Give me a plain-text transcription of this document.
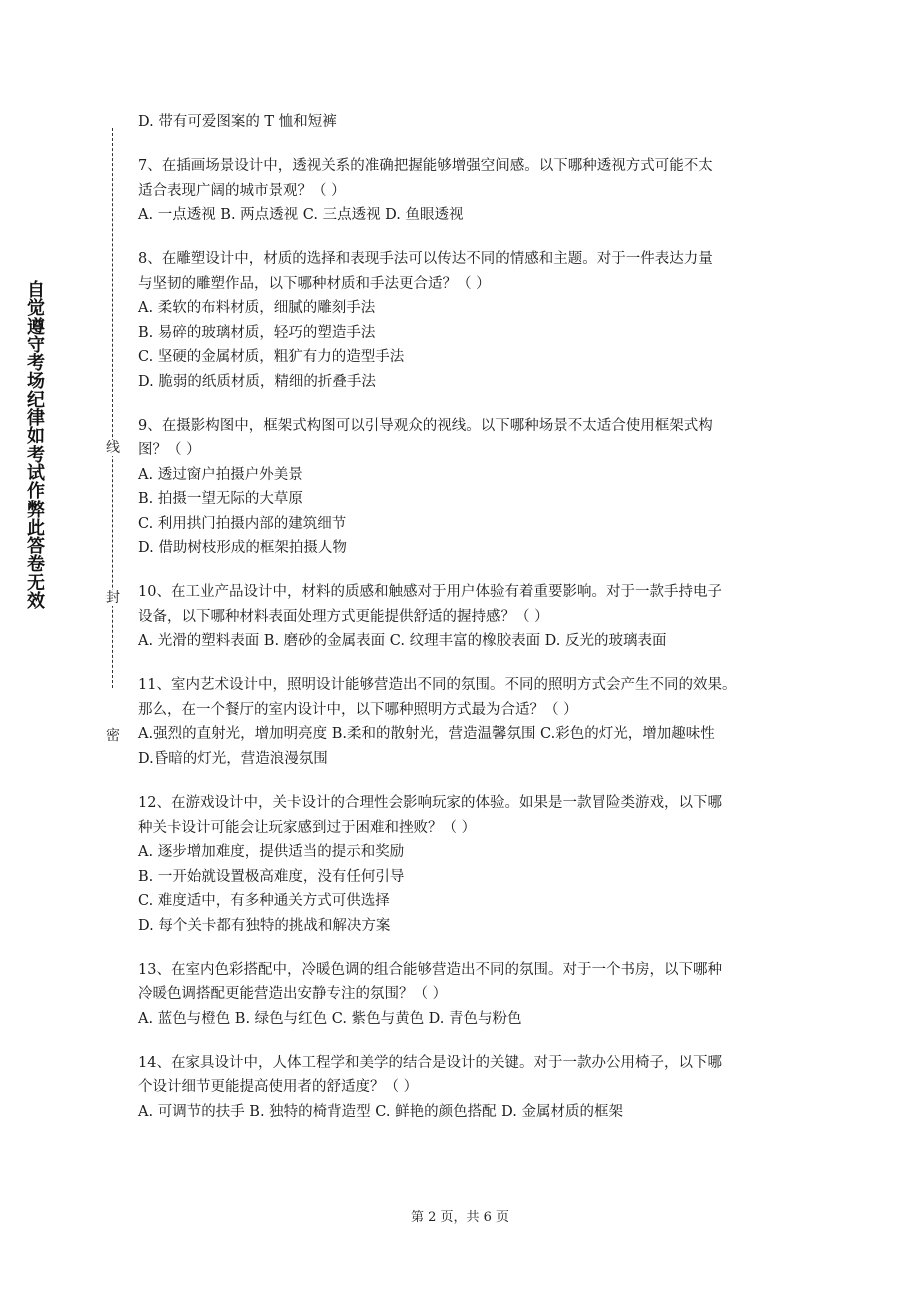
自觉遵守考场纪律如考试作弊此答卷无效
线
封
密
D. 带有可爱图案的 T 恤和短裤
7、在插画场景设计中，透视关系的准确把握能够增强空间感。以下哪种透视方式可能不太
适合表现广阔的城市景观？（ ）
A. 一点透视 B. 两点透视 C. 三点透视 D. 鱼眼透视
8、在雕塑设计中，材质的选择和表现手法可以传达不同的情感和主题。对于一件表达力量
与坚韧的雕塑作品，以下哪种材质和手法更合适？（ ）
A. 柔软的布料材质，细腻的雕刻手法
B. 易碎的玻璃材质，轻巧的塑造手法
C. 坚硬的金属材质，粗犷有力的造型手法
D. 脆弱的纸质材质，精细的折叠手法
9、在摄影构图中，框架式构图可以引导观众的视线。以下哪种场景不太适合使用框架式构
图？（ ）
A. 透过窗户拍摄户外美景
B. 拍摄一望无际的大草原
C. 利用拱门拍摄内部的建筑细节
D. 借助树枝形成的框架拍摄人物
10、在工业产品设计中，材料的质感和触感对于用户体验有着重要影响。对于一款手持电子
设备，以下哪种材料表面处理方式更能提供舒适的握持感？（ ）
A. 光滑的塑料表面 B. 磨砂的金属表面 C. 纹理丰富的橡胶表面 D. 反光的玻璃表面
11、室内艺术设计中，照明设计能够营造出不同的氛围。不同的照明方式会产生不同的效果。
那么，在一个餐厅的室内设计中，以下哪种照明方式最为合适？（ ）
A.强烈的直射光，增加明亮度 B.柔和的散射光，营造温馨氛围 C.彩色的灯光，增加趣味性
D.昏暗的灯光，营造浪漫氛围
12、在游戏设计中，关卡设计的合理性会影响玩家的体验。如果是一款冒险类游戏，以下哪
种关卡设计可能会让玩家感到过于困难和挫败？（ ）
A. 逐步增加难度，提供适当的提示和奖励
B. 一开始就设置极高难度，没有任何引导
C. 难度适中，有多种通关方式可供选择
D. 每个关卡都有独特的挑战和解决方案
13、在室内色彩搭配中，冷暖色调的组合能够营造出不同的氛围。对于一个书房，以下哪种
冷暖色调搭配更能营造出安静专注的氛围？（ ）
A. 蓝色与橙色 B. 绿色与红色 C. 紫色与黄色 D. 青色与粉色
14、在家具设计中，人体工程学和美学的结合是设计的关键。对于一款办公用椅子，以下哪
个设计细节更能提高使用者的舒适度？（ ）
A. 可调节的扶手 B. 独特的椅背造型 C. 鲜艳的颜色搭配 D. 金属材质的框架
第 2 页，共 6 页
